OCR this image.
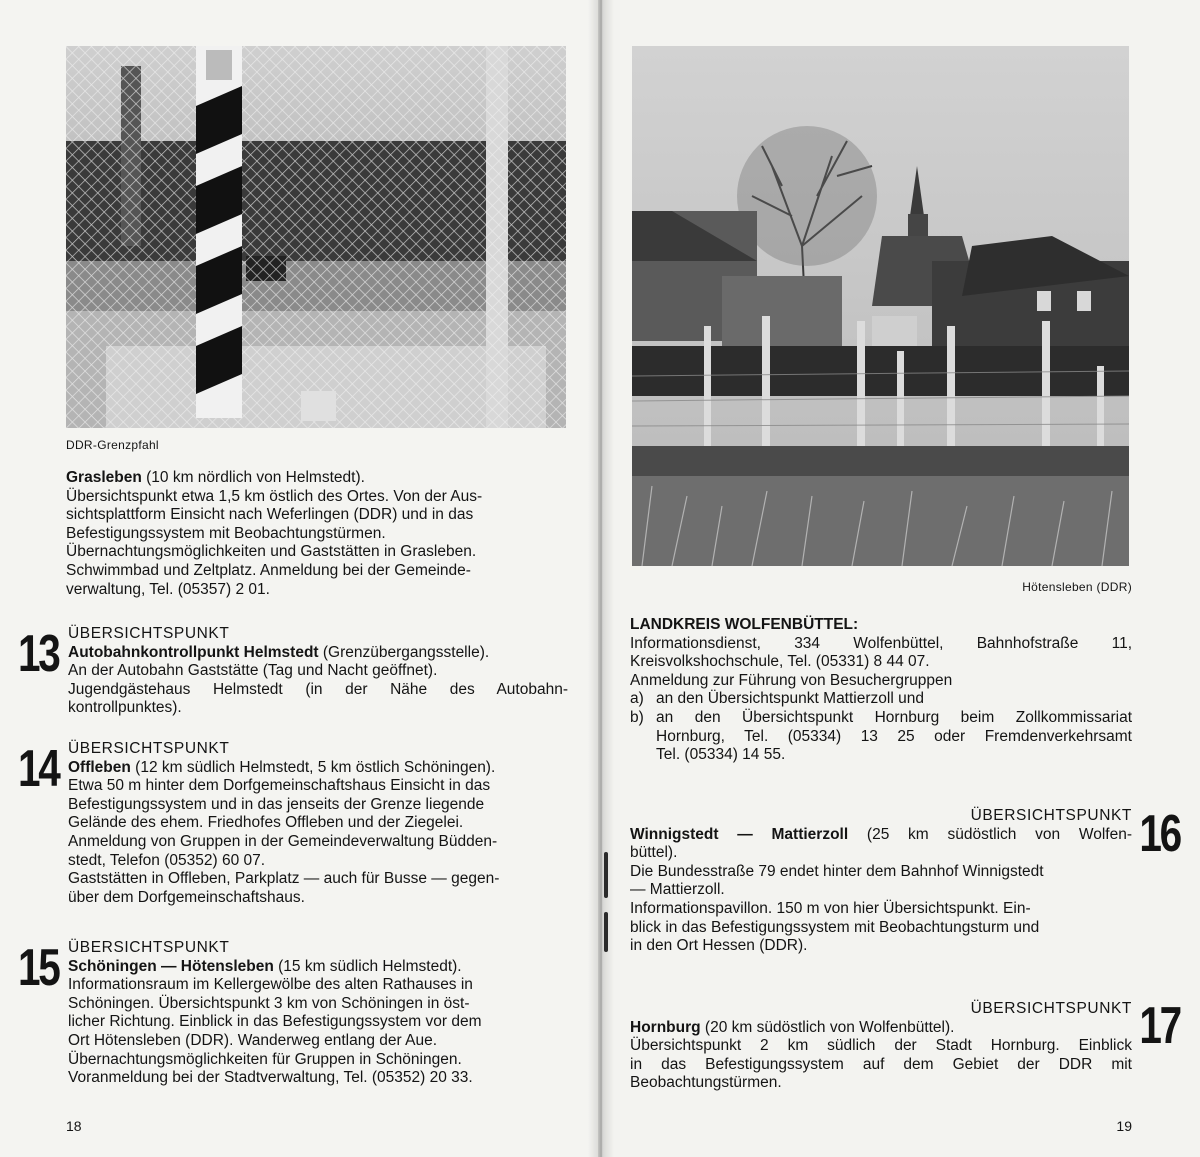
DDR-Grenzpfahl

Grasleben (10 km nördlich von Helmstedt).

Übersichtspunkt etwa 1,5 km östlich des Ortes. Von der Aus-

sichtsplattform Einsicht nach Weferlingen (DDR) und in das

Befestigungssystem mit Beobachtungstürmen.

Übernachtungsmöglichkeiten und Gaststätten in Grasleben.

Schwimmbad und Zeltplatz. Anmeldung bei der Gemeinde-

verwaltung, Tel. (05357) 2 01.

13 ÜBERSICHTSPUNKT

Autobahnkontrollpunkt Helmstedt (Grenzübergangsstelle).

An der Autobahn Gaststätte (Tag und Nacht geöffnet).

Jugendgästehaus Helmstedt (in der Nähe des Autobahn-

kontrollpunktes).

14 ÜBERSICHTSPUNKT

Offleben (12 km südlich Helmstedt, 5 km östlich Schöningen).

Etwa 50 m hinter dem Dorfgemeinschaftshaus Einsicht in das

Befestigungssystem und in das jenseits der Grenze liegende

Gelände des ehem. Friedhofes Offleben und der Ziegelei.

Anmeldung von Gruppen in der Gemeindeverwaltung Büdden-

stedt, Telefon (05352) 60 07.

Gaststätten in Offleben, Parkplatz — auch für Busse — gegen-

über dem Dorfgemeinschaftshaus.

15 ÜBERSICHTSPUNKT

Schöningen — Hötensleben (15 km südlich Helmstedt).

Informationsraum im Kellergewölbe des alten Rathauses in

Schöningen. Übersichtspunkt 3 km von Schöningen in öst-

licher Richtung. Einblick in das Befestigungssystem vor dem

Ort Hötensleben (DDR). Wanderweg entlang der Aue.

Übernachtungsmöglichkeiten für Gruppen in Schöningen.

Voranmeldung bei der Stadtverwaltung, Tel. (05352) 20 33.

18
Hötensleben (DDR)

LANDKREIS WOLFENBÜTTEL:

Informationsdienst, 334 Wolfenbüttel, Bahnhofstraße 11,

Kreisvolkshochschule, Tel. (05331) 8 44 07.

Anmeldung zur Führung von Besuchergruppen

a) an den Übersichtspunkt Mattierzoll und
b) an den Übersichtspunkt Hornburg beim Zollkommissariat

Hornburg, Tel. (05334) 13 25 oder Fremdenverkehrsamt

Tel. (05334) 14 55.

ÜBERSICHTSPUNKT

Winnigstedt — Mattierzoll (25 km südöstlich von Wolfen-

büttel).

Die Bundesstraße 79 endet hinter dem Bahnhof Winnigstedt

— Mattierzoll.

Informationspavillon. 150 m von hier Übersichtspunkt. Ein-

blick in das Befestigungssystem mit Beobachtungsturm und

in den Ort Hessen (DDR).

16

ÜBERSICHTSPUNKT

Hornburg (20 km südöstlich von Wolfenbüttel).

Übersichtspunkt 2 km südlich der Stadt Hornburg. Einblick

in das Befestigungssystem auf dem Gebiet der DDR mit

Beobachtungstürmen.

17
19
